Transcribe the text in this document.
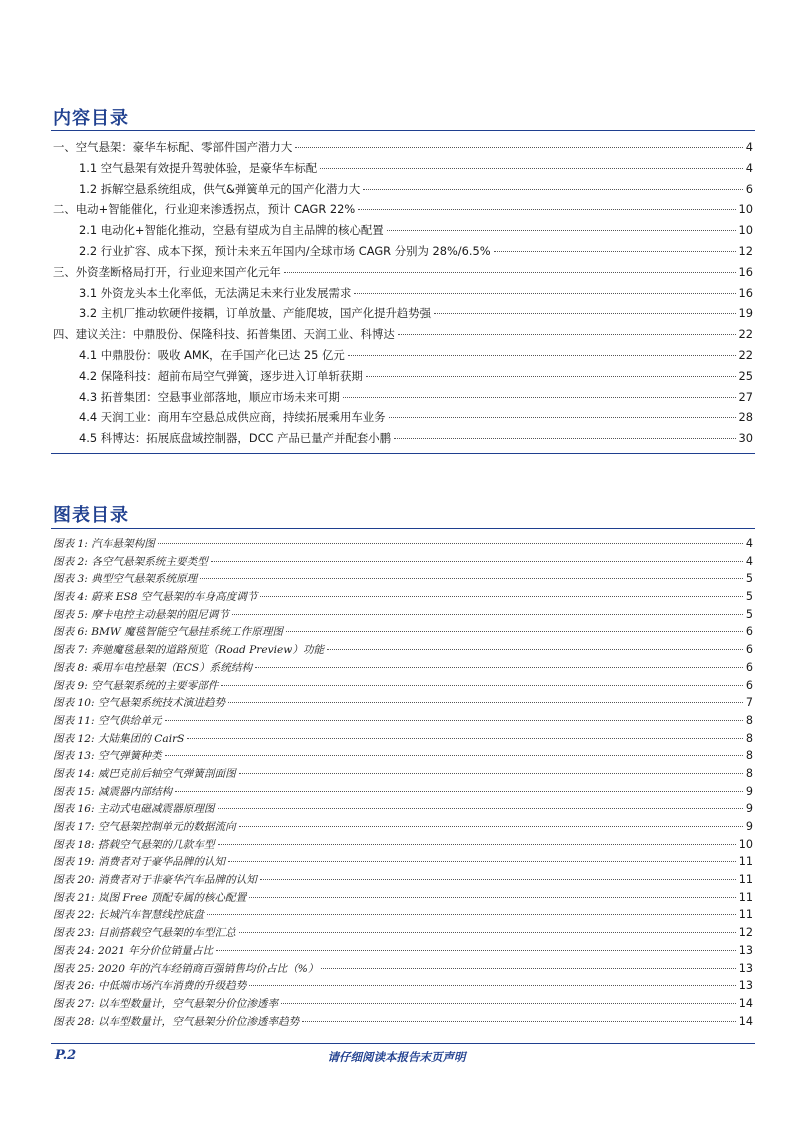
内容目录
一、空气悬架：豪华车标配、零部件国产潜力大	4
1.1 空气悬架有效提升驾驶体验，是豪华车标配	4
1.2 拆解空悬系统组成，供气&弹簧单元的国产化潜力大	6
二、电动+智能催化，行业迎来渗透拐点，预计 CAGR 22%	10
2.1 电动化+智能化推动，空悬有望成为自主品牌的核心配置	10
2.2 行业扩容、成本下探，预计未来五年国内/全球市场 CAGR 分别为 28%/6.5%	12
三、外资垄断格局打开，行业迎来国产化元年	16
3.1 外资龙头本土化率低，无法满足未来行业发展需求	16
3.2 主机厂推动软硬件接耦，订单放量、产能爬坡，国产化提升趋势强	19
四、建议关注：中鼎股份、保隆科技、拓普集团、天润工业、科博达	22
4.1 中鼎股份：吸收 AMK，在手国产化已达 25 亿元	22
4.2 保隆科技：超前布局空气弹簧，逐步进入订单斩获期	25
4.3 拓普集团：空悬事业部落地，顺应市场未来可期	27
4.4 天润工业：商用车空悬总成供应商，持续拓展乘用车业务	28
4.5 科博达：拓展底盘域控制器，DCC 产品已量产并配套小鹏	30
图表目录
图表 1: 汽车悬架构图	4
图表 2: 各空气悬架系统主要类型	4
图表 3: 典型空气悬架系统原理	5
图表 4: 蔚来 ES8 空气悬架的车身高度调节	5
图表 5: 摩卡电控主动悬架的阻尼调节	5
图表 6: BMW 魔毯智能空气悬挂系统工作原理图	6
图表 7: 奔驰魔毯悬架的道路预览（Road Preview）功能	6
图表 8: 乘用车电控悬架（ECS）系统结构	6
图表 9: 空气悬架系统的主要零部件	6
图表 10: 空气悬架系统技术演进趋势	7
图表 11: 空气供给单元	8
图表 12: 大陆集团的 CairS	8
图表 13: 空气弹簧种类	8
图表 14: 威巴克前后轴空气弹簧剖面图	8
图表 15: 减震器内部结构	9
图表 16: 主动式电磁减震器原理图	9
图表 17: 空气悬架控制单元的数据流向	9
图表 18: 搭载空气悬架的几款车型	10
图表 19: 消费者对于豪华品牌的认知	11
图表 20: 消费者对于非豪华汽车品牌的认知	11
图表 21: 岚图 Free 顶配专属的核心配置	11
图表 22: 长城汽车智慧线控底盘	11
图表 23: 目前搭载空气悬架的车型汇总	12
图表 24: 2021 年分价位销量占比	13
图表 25: 2020 年的汽车经销商百强销售均价占比（%）	13
图表 26: 中低端市场汽车消费的升级趋势	13
图表 27: 以车型数量计，空气悬架分价位渗透率	14
图表 28: 以车型数量计，空气悬架分价位渗透率趋势	14
P.2	请仔细阅读本报告末页声明
